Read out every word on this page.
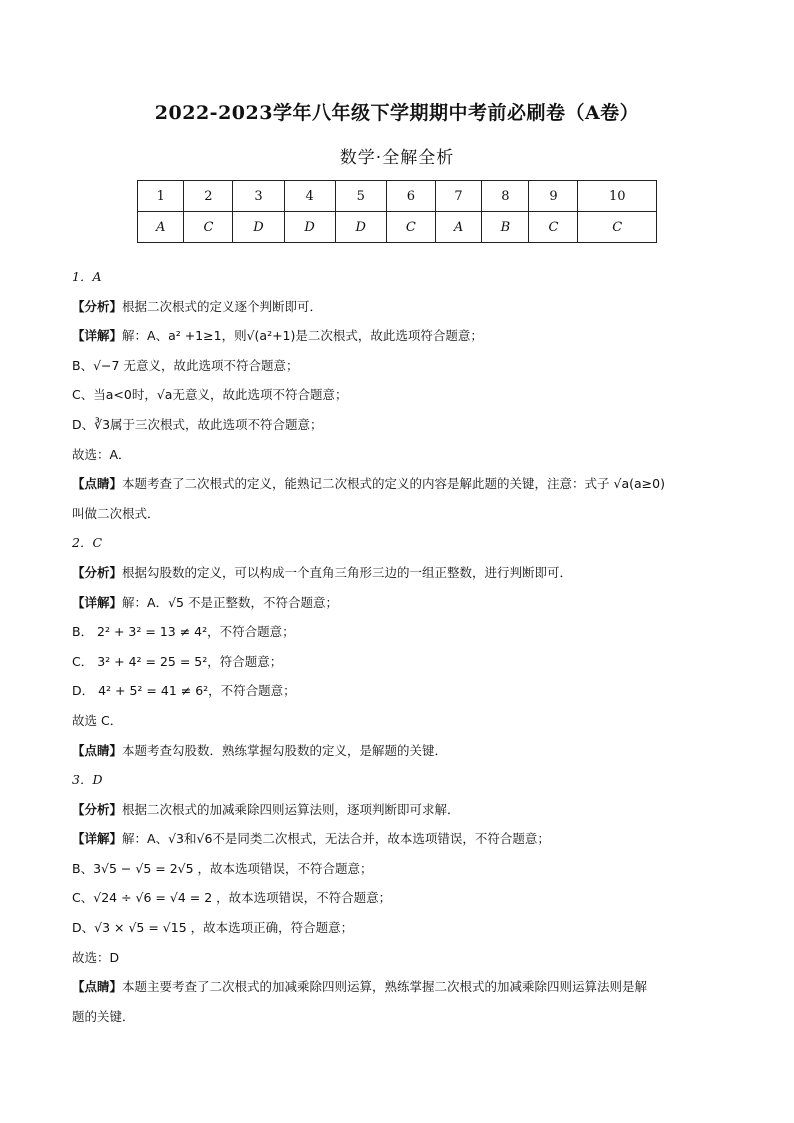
2022-2023学年八年级下学期期中考前必刷卷（A卷）
数学·全解全析
1	2	3	4	5	6	7	8	9	10
A	C	D	D	D	C	A	B	C	C
1．A
【分析】根据二次根式的定义逐个判断即可．
【详解】解：A、a² +1≥1，则√(a²+1)是二次根式，故此选项符合题意；
B、√−7 无意义，故此选项不符合题意；
C、当a<0时，√a无意义，故此选项不符合题意；
D、∛3属于三次根式，故此选项不符合题意；
故选：A．
【点睛】本题考查了二次根式的定义，能熟记二次根式的定义的内容是解此题的关键，注意：式子 √a(a≥0)
叫做二次根式．
2．C
【分析】根据勾股数的定义，可以构成一个直角三角形三边的一组正整数，进行判断即可．
【详解】解：A．√5 不是正整数，不符合题意；
B． 2² + 3² = 13 ≠ 4²，不符合题意；
C． 3² + 4² = 25 = 5²，符合题意；
D． 4² + 5² = 41 ≠ 6²，不符合题意；
故选 C．
【点睛】本题考查勾股数．熟练掌握勾股数的定义，是解题的关键．
3．D
【分析】根据二次根式的加减乘除四则运算法则，逐项判断即可求解．
【详解】解：A、√3和√6不是同类二次根式，无法合并，故本选项错误，不符合题意；
B、3√5 − √5 = 2√5 ，故本选项错误，不符合题意；
C、√24 ÷ √6 = √4 = 2 ，故本选项错误，不符合题意；
D、√3 × √5 = √15 ，故本选项正确，符合题意；
故选：D
【点睛】本题主要考查了二次根式的加减乘除四则运算，熟练掌握二次根式的加减乘除四则运算法则是解
题的关键．
